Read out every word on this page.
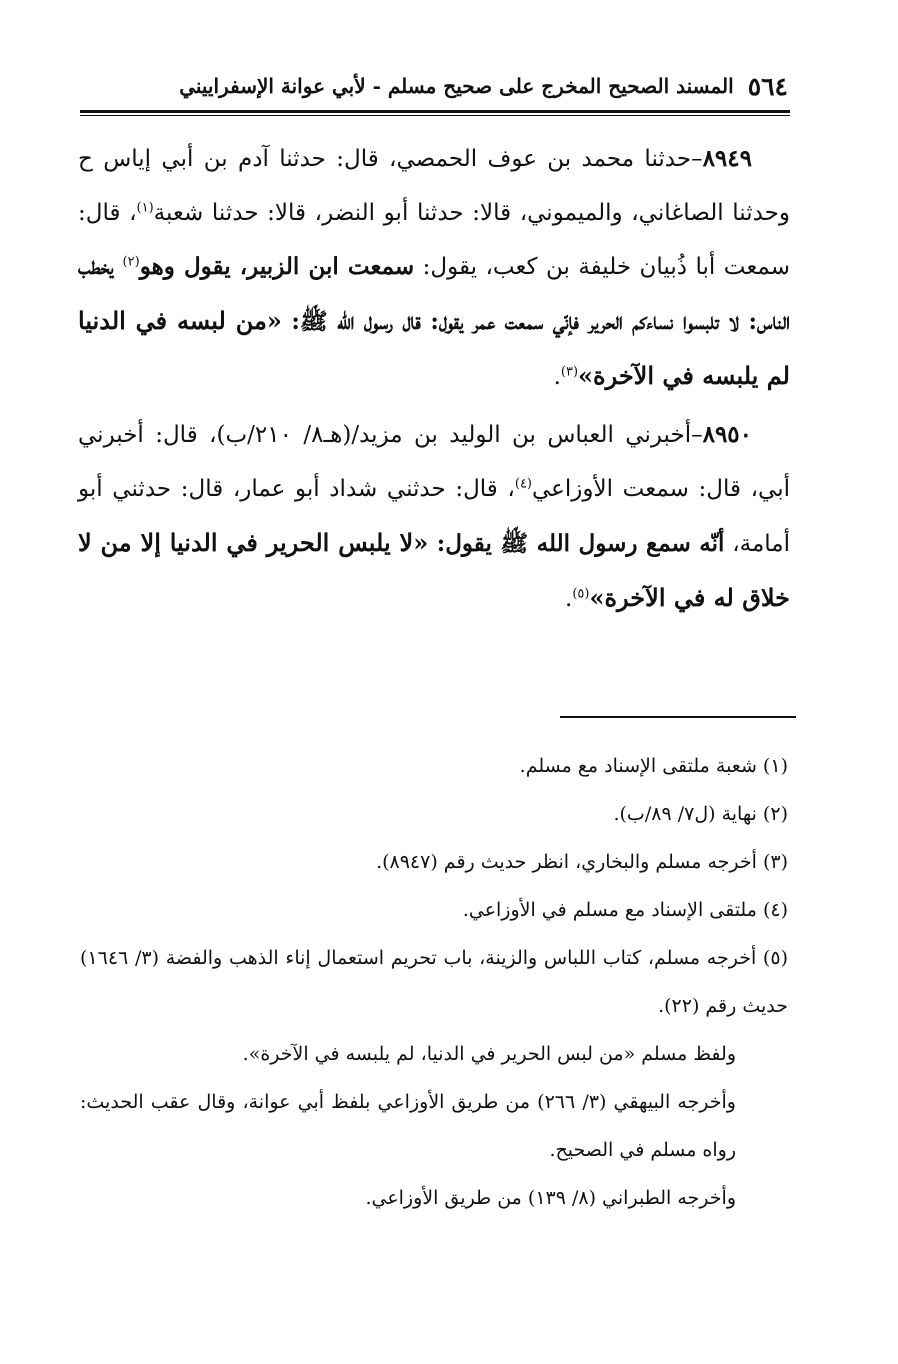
٥٦٤
المسند الصحيح المخرج على صحيح مسلم - لأبي عوانة الإسفراييني

٨٩٤٩–حدثنا محمد بن عوف الحمصي، قال: حدثنا آدم بن أبي إياس ح وحدثنا الصاغاني، والميموني، قالا: حدثنا أبو النضر، قالا: حدثنا شعبة$^{(١)}$، قال: سمعت أبا ذُبيان خليفة بن كعب، يقول: سمعت ابن الزبير، يقول وهو$^{(٢)}$ يخطب الناس: لا تلبسوا نساءكم الحرير فإنّي سمعت عمر يقول: قال رسول الله ﷺ: «من لبسه في الدنيا لم يلبسه في الآخرة»$^{(٣)}$.

٨٩٥٠–أخبرني العباس بن الوليد بن مزيد/(هـ٨/ ٢١٠/ب)، قال: أخبرني أبي، قال: سمعت الأوزاعي$^{(٤)}$، قال: حدثني شداد أبو عمار، قال: حدثني أبو أمامة، أنّه سمع رسول الله ﷺ يقول: «لا يلبس الحرير في الدنيا إلا من لا خلاق له في الآخرة»$^{(٥)}$.

(١) شعبة ملتقى الإسناد مع مسلم.

(٢) نهاية (ل٧/ ٨٩/ب).

(٣) أخرجه مسلم والبخاري، انظر حديث رقم (٨٩٤٧).

(٤) ملتقى الإسناد مع مسلم في الأوزاعي.

(٥) أخرجه مسلم، كتاب اللباس والزينة، باب تحريم استعمال إناء الذهب والفضة (٣/ ١٦٤٦) حديث رقم (٢٢).

ولفظ مسلم «من لبس الحرير في الدنيا، لم يلبسه في الآخرة».

وأخرجه البيهقي (٣/ ٢٦٦) من طريق الأوزاعي بلفظ أبي عوانة، وقال عقب الحديث: رواه مسلم في الصحيح.

وأخرجه الطبراني (٨/ ١٣٩) من طريق الأوزاعي.
